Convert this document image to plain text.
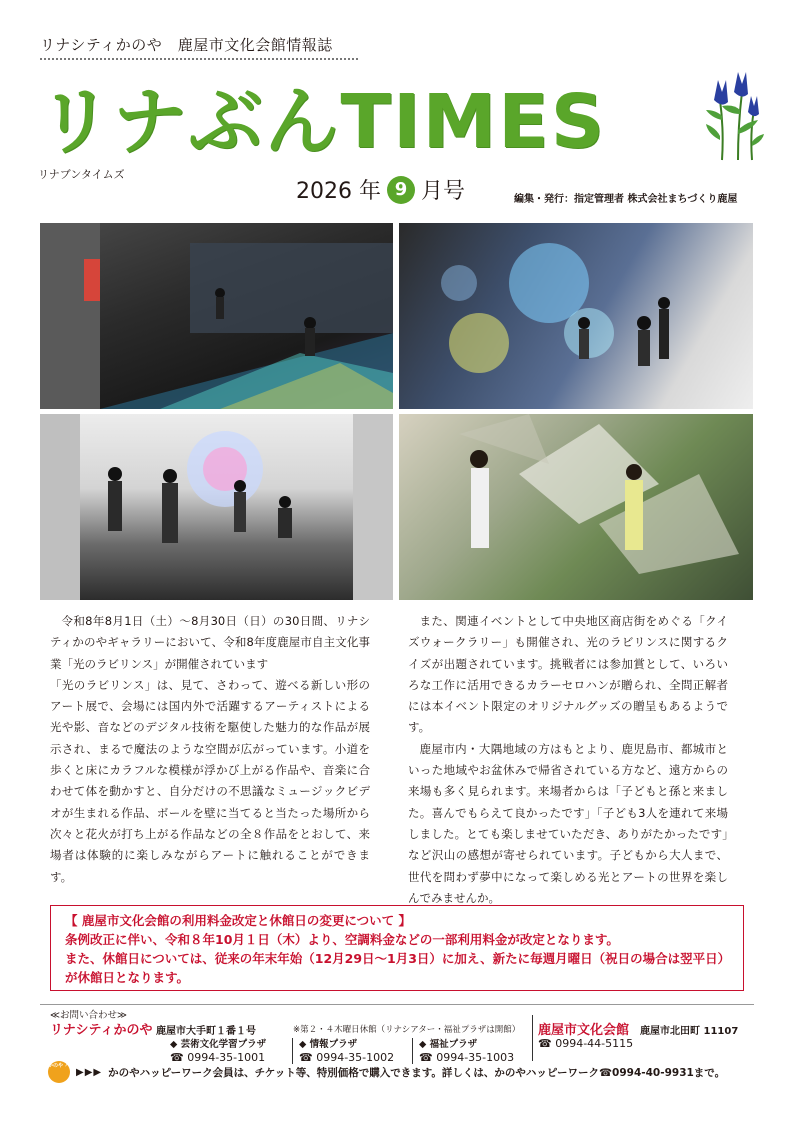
リナシティかのや　鹿屋市文化会館情報誌
リナぶんTIMES
リナブンタイムズ
2026 年 9 月号	編集・発行：指定管理者 株式会社まちづくり鹿屋

令和8年8月1日（土）～8月30日（日）の30日間、リナシティかのやギャラリーにおいて、令和8年度鹿屋市自主文化事業「光のラビリンス」が開催されています

「光のラビリンス」は、見て、さわって、遊べる新しい形のアート展で、会場には国内外で活躍するアーティストによる光や影、音などのデジタル技術を駆使した魅力的な作品が展示され、まるで魔法のような空間が広がっています。小道を歩くと床にカラフルな模様が浮かび上がる作品や、音楽に合わせて体を動かすと、自分だけの不思議なミュージックビデオが生まれる作品、ボールを壁に当てると当たった場所から次々と花火が打ち上がる作品などの全８作品をとおして、来場者は体験的に楽しみながらアートに触れることができます。

また、関連イベントとして中央地区商店街をめぐる「クイズウォークラリー」も開催され、光のラビリンスに関するクイズが出題されています。挑戦者には参加賞として、いろいろな工作に活用できるカラーセロハンが贈られ、全問正解者には本イベント限定のオリジナルグッズの贈呈もあるようです。

鹿屋市内・大隅地域の方はもとより、鹿児島市、都城市といった地域やお盆休みで帰省されている方など、遠方からの来場も多く見られます。来場者からは「子どもと孫と来ました。喜んでもらえて良かったです」「子ども3人を連れて来場しました。とても楽しませていただき、ありがたかったです」など沢山の感想が寄せられています。子どもから大人まで、世代を問わず夢中になって楽しめる光とアートの世界を楽しんでみませんか。

【 鹿屋市文化会館の利用料金改定と休館日の変更について 】
条例改正に伴い、令和８年10月１日（木）より、空調料金などの一部利用料金が改定となります。
また、休館日については、従来の年末年始（12月29日～1月3日）に加え、新たに毎週月曜日（祝日の場合は翌平日）が休館日となります。
≪お問い合わせ≫
リナシティかのや 鹿屋市大手町１番１号	※第２・４木曜日休館（リナシアター・福祉プラザは開館）
◆ 芸術文化学習プラザ
☎ 0994-35-1001
◆ 情報プラザ
☎ 0994-35-1002
◆ 福祉プラザ
☎ 0994-35-1003
鹿屋市文化会館 鹿屋市北田町 11107
☎ 0994-44-5115
かのや ハッピー ワーク
▶▶▶ かのやハッピーワーク会員は、チケット等、特別価格で購入できます。詳しくは、かのやハッピーワーク☎0994-40-9931まで。
